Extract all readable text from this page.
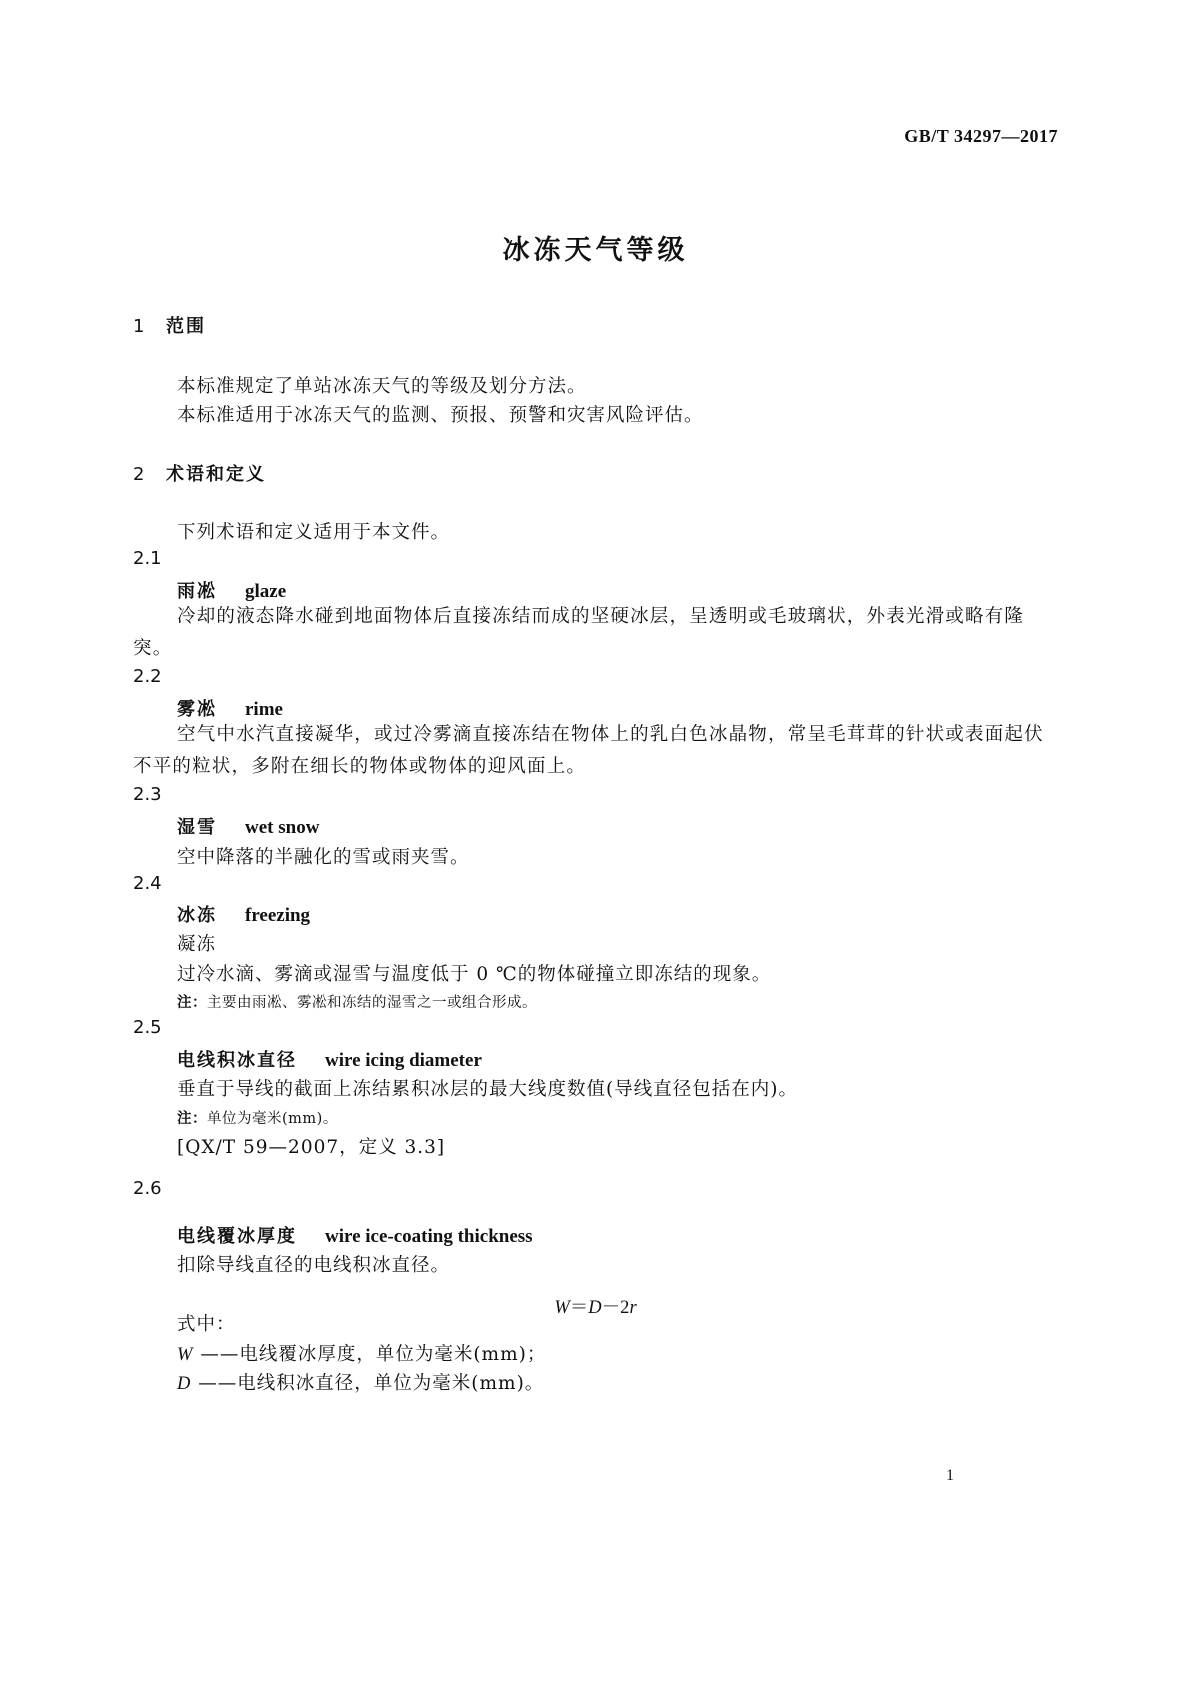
GB/T 34297—2017
冰冻天气等级
1 范围
本标准规定了单站冰冻天气的等级及划分方法。
本标准适用于冰冻天气的监测、预报、预警和灾害风险评估。
2 术语和定义
下列术语和定义适用于本文件。
2.1
雨凇 glaze
冷却的液态降水碰到地面物体后直接冻结而成的坚硬冰层，呈透明或毛玻璃状，外表光滑或略有隆突。
2.2
雾凇 rime
空气中水汽直接凝华，或过冷雾滴直接冻结在物体上的乳白色冰晶物，常呈毛茸茸的针状或表面起伏不平的粒状，多附在细长的物体或物体的迎风面上。
2.3
湿雪 wet snow
空中降落的半融化的雪或雨夹雪。
2.4
冰冻 freezing
凝冻
过冷水滴、雾滴或湿雪与温度低于 0 ℃的物体碰撞立即冻结的现象。
注：主要由雨凇、雾凇和冻结的湿雪之一或组合形成。
2.5
电线积冰直径 wire icing diameter
垂直于导线的截面上冻结累积冰层的最大线度数值(导线直径包括在内)。
注：单位为毫米(mm)。
[QX/T 59—2007，定义 3.3]
2.6
电线覆冰厚度 wire ice-coating thickness
扣除导线直径的电线积冰直径。
W＝D－2r
式中：
W ——电线覆冰厚度，单位为毫米(mm)；
D ——电线积冰直径，单位为毫米(mm)。
1
